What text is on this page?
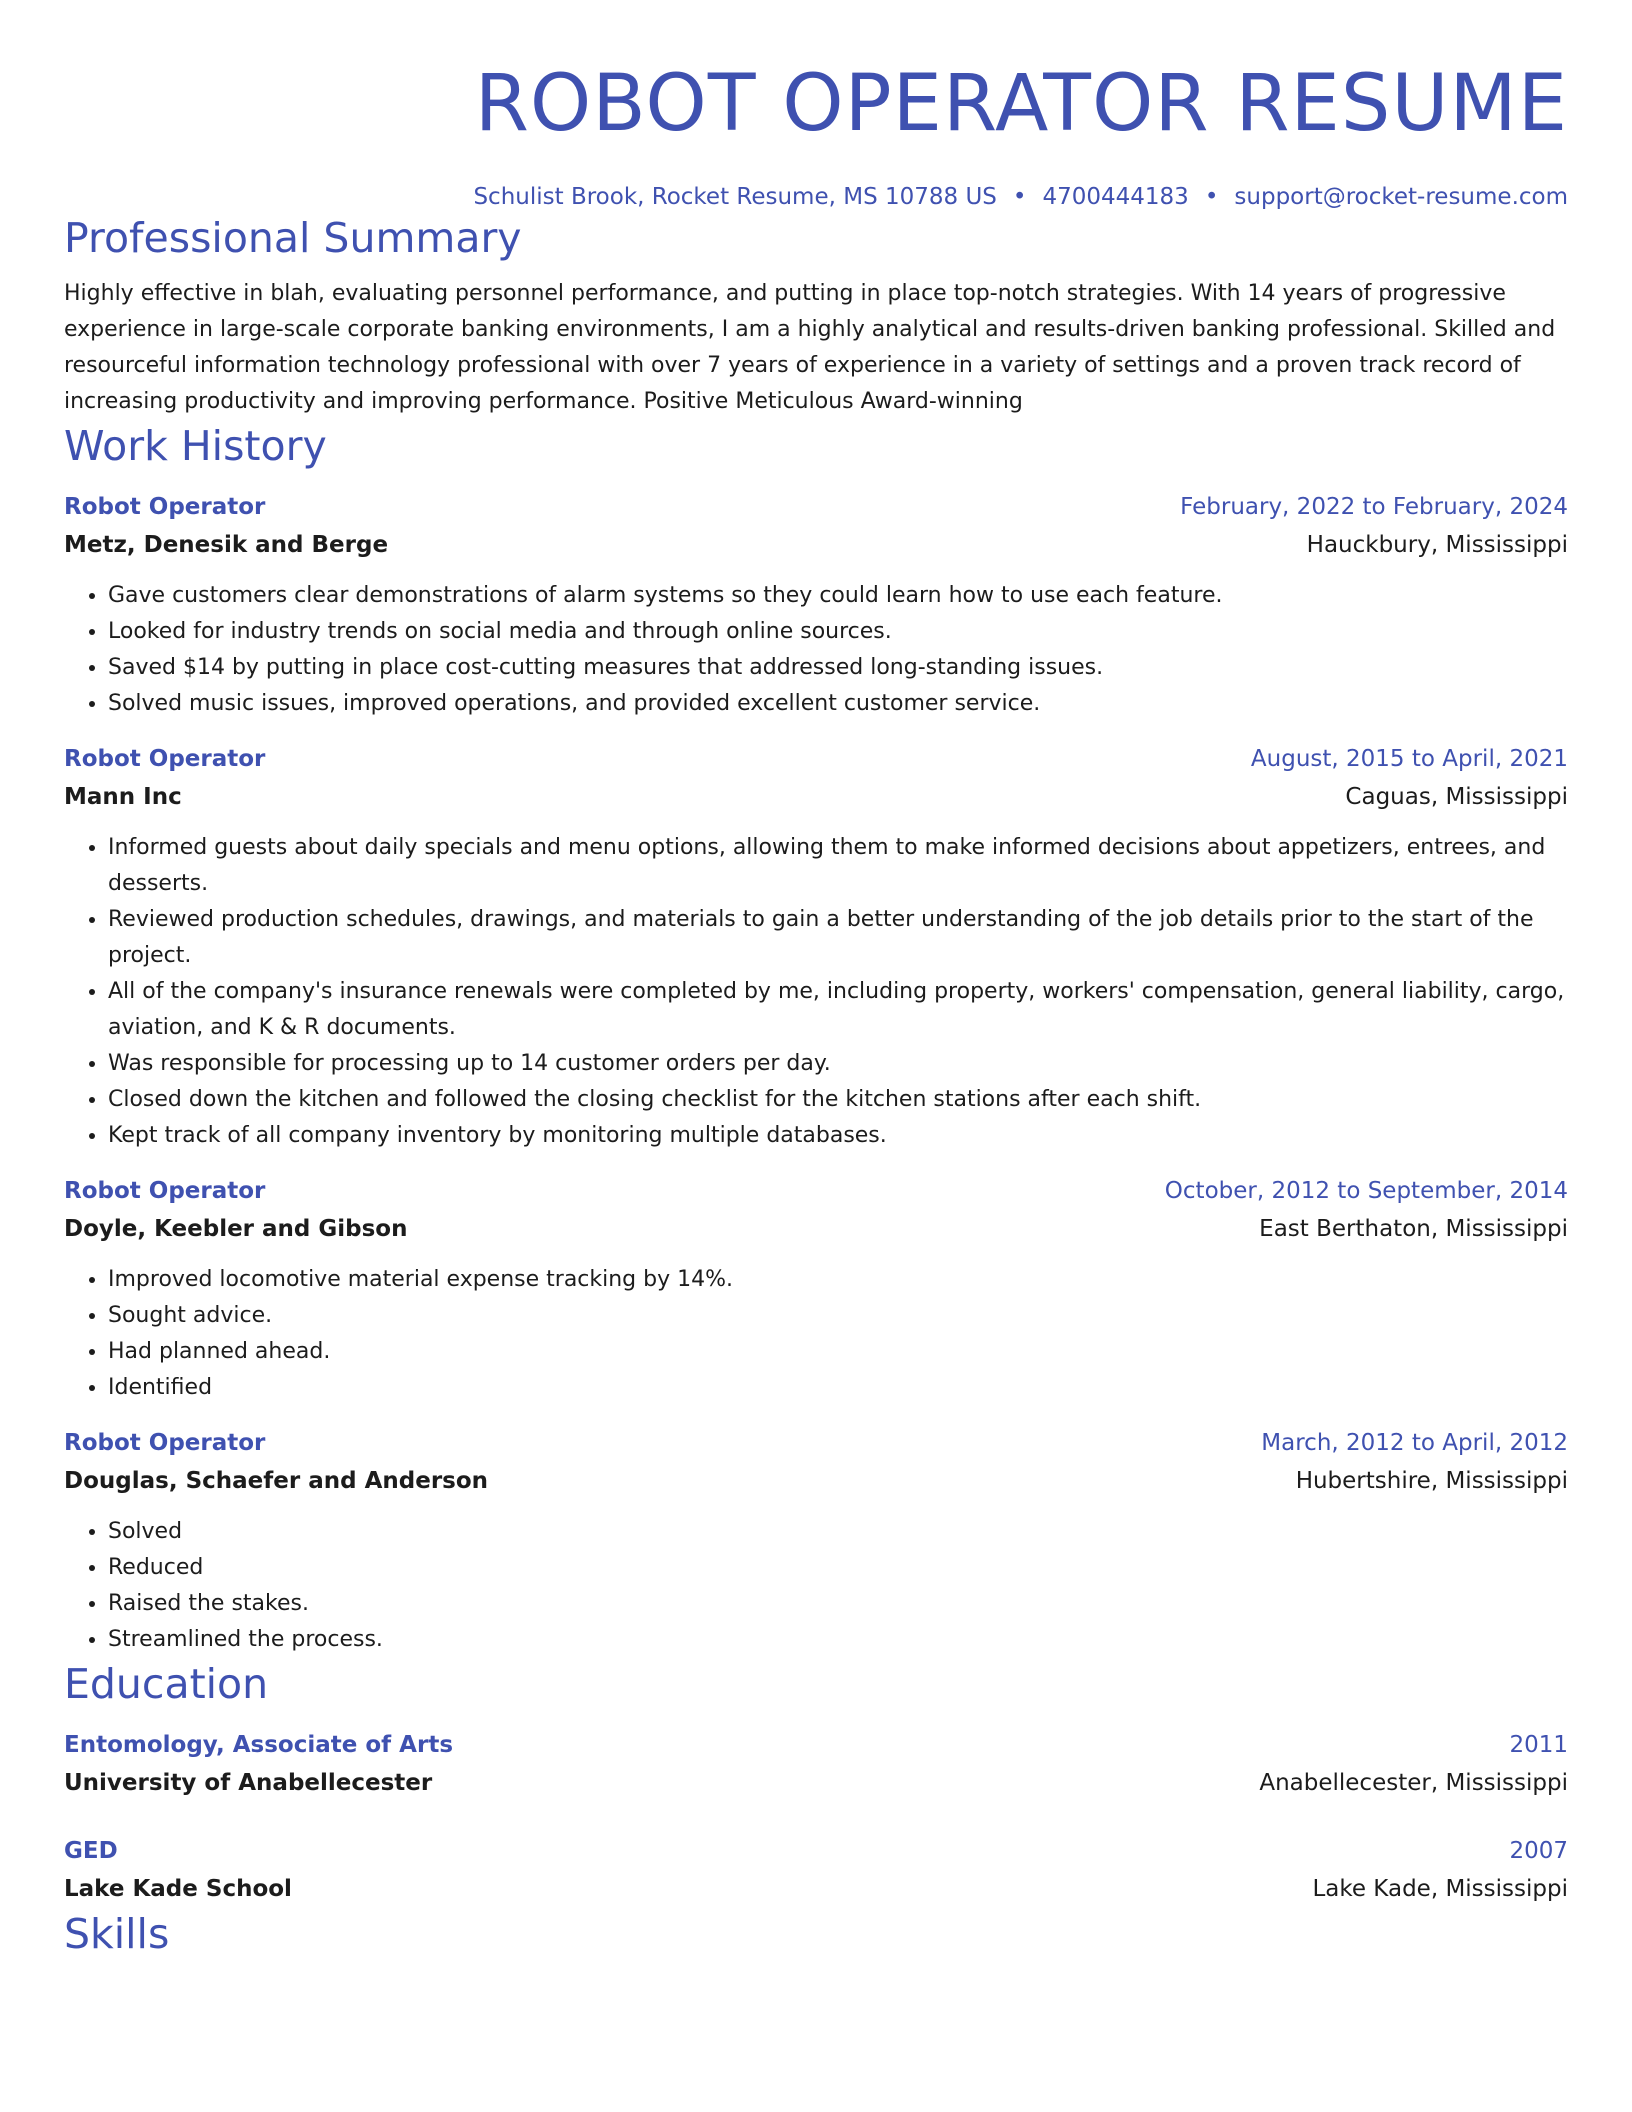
ROBOT OPERATOR RESUME
Schulist Brook, Rocket Resume, MS 10788 US • 4700444183 • support@rocket-resume.com
Professional Summary
Highly effective in blah, evaluating personnel performance, and putting in place top-notch strategies. With 14 years of progressive experience in large-scale corporate banking environments, I am a highly analytical and results-driven banking professional. Skilled and resourceful information technology professional with over 7 years of experience in a variety of settings and a proven track record of increasing productivity and improving performance. Positive Meticulous Award-winning
Work History
Robot Operator	February, 2022 to February, 2024
Metz, Denesik and Berge	Hauckbury, Mississippi
• Gave customers clear demonstrations of alarm systems so they could learn how to use each feature.
• Looked for industry trends on social media and through online sources.
• Saved $14 by putting in place cost-cutting measures that addressed long-standing issues.
• Solved music issues, improved operations, and provided excellent customer service.
Robot Operator	August, 2015 to April, 2021
Mann Inc	Caguas, Mississippi
• Informed guests about daily specials and menu options, allowing them to make informed decisions about appetizers, entrees, and desserts.
• Reviewed production schedules, drawings, and materials to gain a better understanding of the job details prior to the start of the project.
• All of the company's insurance renewals were completed by me, including property, workers' compensation, general liability, cargo, aviation, and K & R documents.
• Was responsible for processing up to 14 customer orders per day.
• Closed down the kitchen and followed the closing checklist for the kitchen stations after each shift.
• Kept track of all company inventory by monitoring multiple databases.
Robot Operator	October, 2012 to September, 2014
Doyle, Keebler and Gibson	East Berthaton, Mississippi
• Improved locomotive material expense tracking by 14%.
• Sought advice.
• Had planned ahead.
• Identified
Robot Operator	March, 2012 to April, 2012
Douglas, Schaefer and Anderson	Hubertshire, Mississippi
• Solved
• Reduced
• Raised the stakes.
• Streamlined the process.
Education
Entomology, Associate of Arts	2011
University of Anabellecester	Anabellecester, Mississippi
GED	2007
Lake Kade School	Lake Kade, Mississippi
Skills
